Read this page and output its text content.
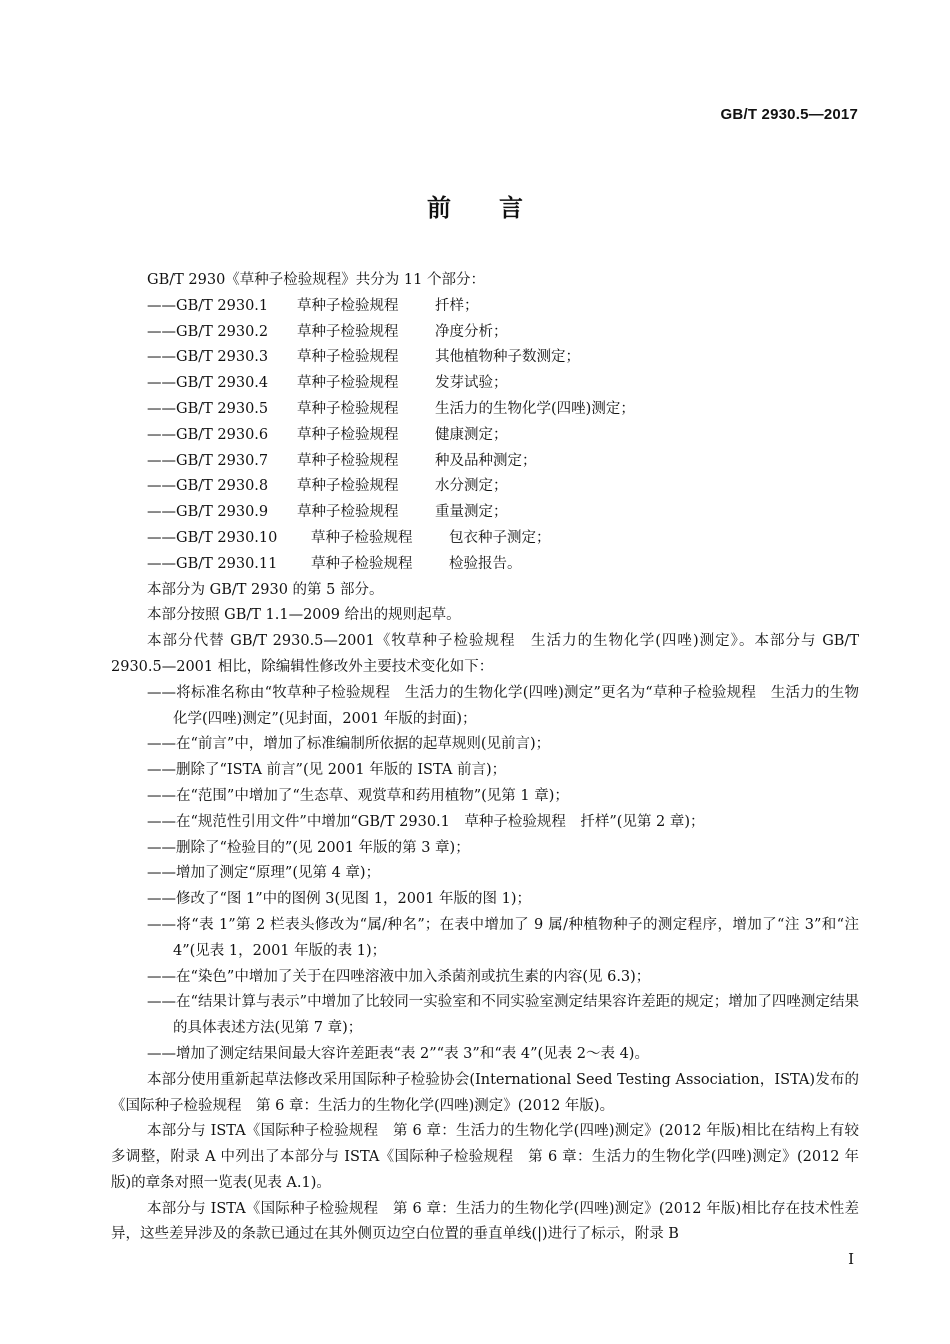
GB/T 2930.5—2017
前言

GB/T 2930《草种子检验规程》共分为 11 个部分：

——GB/T 2930.1	草种子检验规程	扦样；
——GB/T 2930.2	草种子检验规程	净度分析；
——GB/T 2930.3	草种子检验规程	其他植物种子数测定；
——GB/T 2930.4	草种子检验规程	发芽试验；
——GB/T 2930.5	草种子检验规程	生活力的生物化学(四唑)测定；
——GB/T 2930.6	草种子检验规程	健康测定；
——GB/T 2930.7	草种子检验规程	种及品种测定；
——GB/T 2930.8	草种子检验规程	水分测定；
——GB/T 2930.9	草种子检验规程	重量测定；
——GB/T 2930.10	草种子检验规程	包衣种子测定；
——GB/T 2930.11	草种子检验规程	检验报告。

本部分为 GB/T 2930 的第 5 部分。

本部分按照 GB/T 1.1—2009 给出的规则起草。

本部分代替 GB/T 2930.5—2001《牧草种子检验规程　生活力的生物化学(四唑)测定》。本部分与 GB/T 2930.5—2001 相比，除编辑性修改外主要技术变化如下：

——将标准名称由“牧草种子检验规程　生活力的生物化学(四唑)测定”更名为“草种子检验规程　生活力的生物化学(四唑)测定”(见封面，2001 年版的封面)；

——在“前言”中，增加了标准编制所依据的起草规则(见前言)；

——删除了“ISTA 前言”(见 2001 年版的 ISTA 前言)；

——在“范围”中增加了“生态草、观赏草和药用植物”(见第 1 章)；

——在“规范性引用文件”中增加“GB/T 2930.1　草种子检验规程　扦样”(见第 2 章)；

——删除了“检验目的”(见 2001 年版的第 3 章)；

——增加了测定“原理”(见第 4 章)；

——修改了“图 1”中的图例 3(见图 1，2001 年版的图 1)；

——将“表 1”第 2 栏表头修改为“属/种名”；在表中增加了 9 属/种植物种子的测定程序，增加了“注 3”和“注 4”(见表 1，2001 年版的表 1)；

——在“染色”中增加了关于在四唑溶液中加入杀菌剂或抗生素的内容(见 6.3)；

——在“结果计算与表示”中增加了比较同一实验室和不同实验室测定结果容许差距的规定；增加了四唑测定结果的具体表述方法(见第 7 章)；

——增加了测定结果间最大容许差距表“表 2”“表 3”和“表 4”(见表 2～表 4)。

本部分使用重新起草法修改采用国际种子检验协会(International Seed Testing Association，ISTA)发布的《国际种子检验规程　第 6 章：生活力的生物化学(四唑)测定》(2012 年版)。

本部分与 ISTA《国际种子检验规程　第 6 章：生活力的生物化学(四唑)测定》(2012 年版)相比在结构上有较多调整，附录 A 中列出了本部分与 ISTA《国际种子检验规程　第 6 章：生活力的生物化学(四唑)测定》(2012 年版)的章条对照一览表(见表 A.1)。

本部分与 ISTA《国际种子检验规程　第 6 章：生活力的生物化学(四唑)测定》(2012 年版)相比存在技术性差异，这些差异涉及的条款已通过在其外侧页边空白位置的垂直单线(|)进行了标示，附录 B

I
